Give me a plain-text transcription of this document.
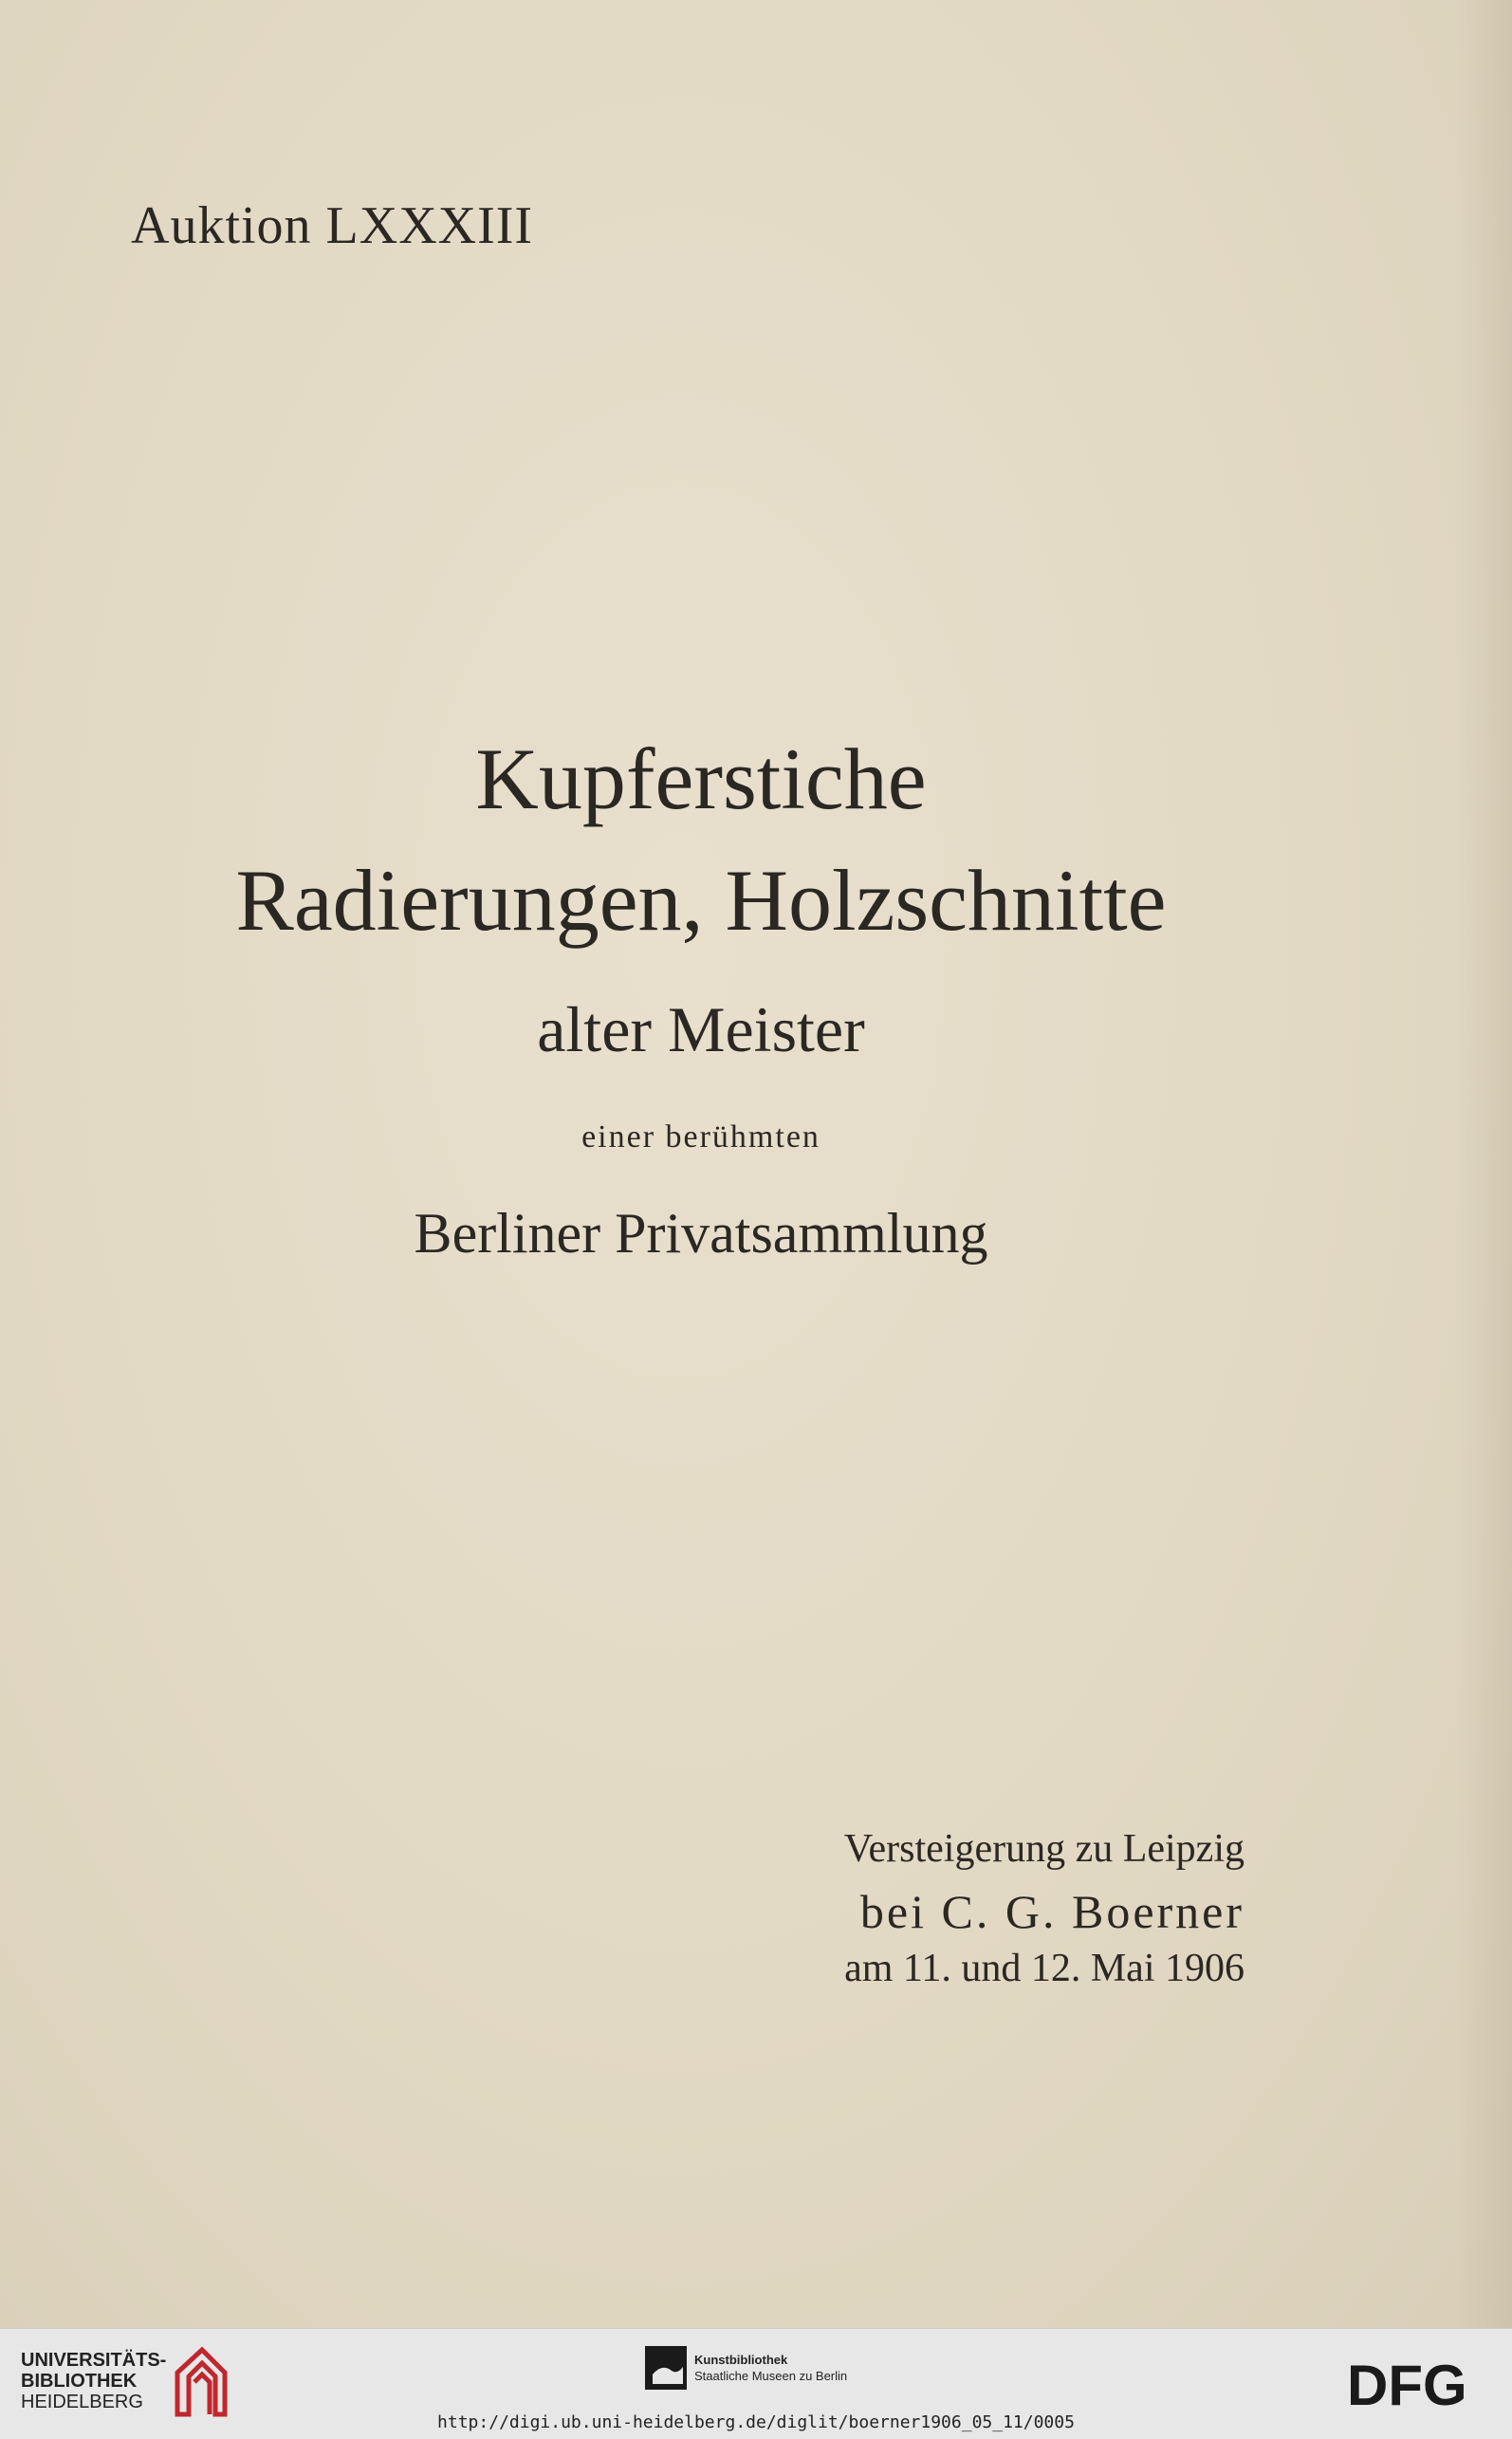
Auktion LXXXIII
Kupferstiche
Radierungen, Holzschnitte
alter Meister
einer berühmten
Berliner Privatsammlung
Versteigerung zu Leipzig
bei C. G. Boerner
am 11. und 12. Mai 1906
UNIVERSITÄTS-
BIBLIOTHEK
HEIDELBERG
Kunstbibliothek
Staatliche Museen zu Berlin	DFG
http://digi.ub.uni-heidelberg.de/diglit/boerner1906_05_11/0005
